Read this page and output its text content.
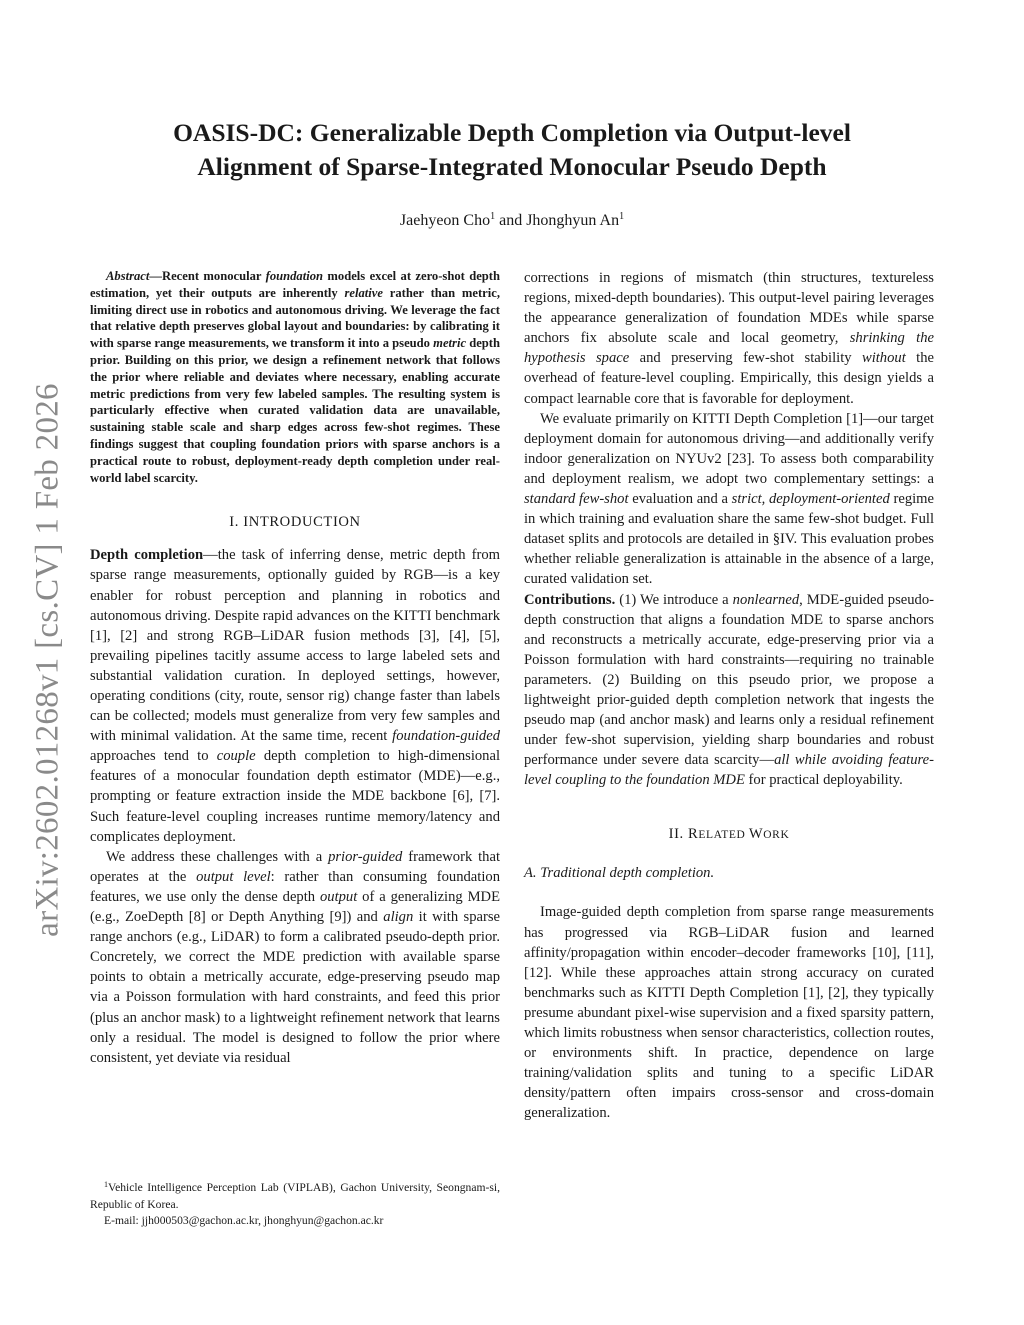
arXiv:2602.01268v1 [cs.CV] 1 Feb 2026
OASIS-DC: Generalizable Depth Completion via Output-level
Alignment of Sparse-Integrated Monocular Pseudo Depth
Jaehyeon Cho$^1$ and Jhonghyun An$^1$

Abstract—Recent monocular foundation models excel at zero-shot depth estimation, yet their outputs are inherently relative rather than metric, limiting direct use in robotics and autonomous driving. We leverage the fact that relative depth preserves global layout and boundaries: by calibrating it with sparse range measurements, we transform it into a pseudo metric depth prior. Building on this prior, we design a refinement network that follows the prior where reliable and deviates where necessary, enabling accurate metric predictions from very few labeled samples. The resulting system is particularly effective when curated validation data are unavailable, sustaining stable scale and sharp edges across few-shot regimes. These findings suggest that coupling foundation priors with sparse anchors is a practical route to robust, deployment-ready depth completion under real-world label scarcity.

I. INTRODUCTION

Depth completion—the task of inferring dense, metric depth from sparse range measurements, optionally guided by RGB—is a key enabler for robust perception and planning in robotics and autonomous driving. Despite rapid advances on the KITTI benchmark [1], [2] and strong RGB–LiDAR fusion methods [3], [4], [5], prevailing pipelines tacitly assume access to large labeled sets and substantial validation curation. In deployed settings, however, operating conditions (city, route, sensor rig) change faster than labels can be collected; models must generalize from very few samples and with minimal validation. At the same time, recent foundation-guided approaches tend to couple depth completion to high-dimensional features of a monocular foundation depth estimator (MDE)—e.g., prompting or feature extraction inside the MDE backbone [6], [7]. Such feature-level coupling increases runtime memory/latency and complicates deployment.

We address these challenges with a prior-guided framework that operates at the output level: rather than consuming foundation features, we use only the dense depth output of a generalizing MDE (e.g., ZoeDepth [8] or Depth Anything [9]) and align it with sparse range anchors (e.g., LiDAR) to form a calibrated pseudo-depth prior. Concretely, we correct the MDE prediction with available sparse points to obtain a metrically accurate, edge-preserving pseudo map via a Poisson formulation with hard constraints, and feed this prior (plus an anchor mask) to a lightweight refinement network that learns only a residual. The model is designed to follow the prior where consistent, yet deviate via residual

corrections in regions of mismatch (thin structures, textureless regions, mixed-depth boundaries). This output-level pairing leverages the appearance generalization of foundation MDEs while sparse anchors fix absolute scale and local geometry, shrinking the hypothesis space and preserving few-shot stability without the overhead of feature-level coupling. Empirically, this design yields a compact learnable core that is favorable for deployment.

We evaluate primarily on KITTI Depth Completion [1]—our target deployment domain for autonomous driving—and additionally verify indoor generalization on NYUv2 [23]. To assess both comparability and deployment realism, we adopt two complementary settings: a standard few-shot evaluation and a strict, deployment-oriented regime in which training and evaluation share the same few-shot budget. Full dataset splits and protocols are detailed in §IV. This evaluation probes whether reliable generalization is attainable in the absence of a large, curated validation set.

Contributions. (1) We introduce a nonlearned, MDE-guided pseudo-depth construction that aligns a foundation MDE to sparse anchors and reconstructs a metrically accurate, edge-preserving prior via a Poisson formulation with hard constraints—requiring no trainable parameters. (2) Building on this pseudo prior, we propose a lightweight prior-guided depth completion network that ingests the pseudo map (and anchor mask) and learns only a residual refinement under few-shot supervision, yielding sharp boundaries and robust performance under severe data scarcity—all while avoiding feature-level coupling to the foundation MDE for practical deployability.

II. RELATED WORK

A. Traditional depth completion.

Image-guided depth completion from sparse range measurements has progressed via RGB–LiDAR fusion and learned affinity/propagation within encoder–decoder frameworks [10], [11], [12]. While these approaches attain strong accuracy on curated benchmarks such as KITTI Depth Completion [1], [2], they typically presume abundant pixel-wise supervision and a fixed sparsity pattern, which limits robustness when sensor characteristics, collection routes, or environments shift. In practice, dependence on large training/validation splits and tuning to a specific LiDAR density/pattern often impairs cross-sensor and cross-domain generalization.

$^1$Vehicle Intelligence Perception Lab (VIPLAB), Gachon University, Seongnam-si, Republic of Korea.

E-mail: jjh000503@gachon.ac.kr, jhonghyun@gachon.ac.kr
